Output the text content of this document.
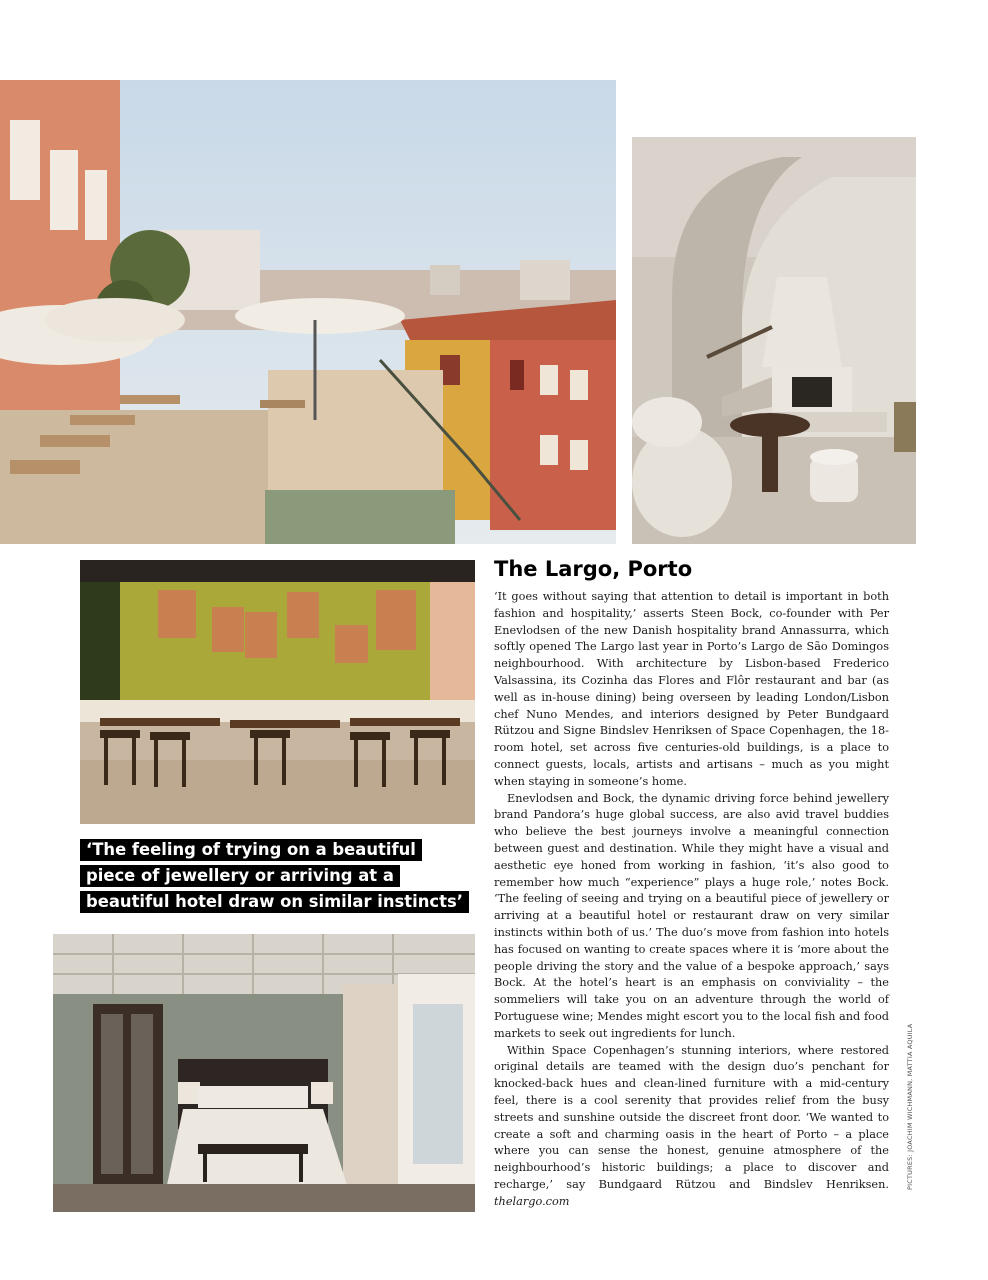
‘The feeling of trying on a beautiful
piece of jewellery or arriving at a
beautiful hotel draw on similar instincts’
The Largo, Porto

‘It goes without saying that attention to detail is important in both fashion and hospitality,’ asserts Steen Bock, co-founder with Per Enevlodsen of the new Danish hospitality brand Annassurra, which softly opened The Largo last year in Porto’s Largo de São Domingos neighbourhood. With architecture by Lisbon-based Frederico Valsassina, its Cozinha das Flores and Flôr restaurant and bar (as well as in-house dining) being overseen by leading London/Lisbon chef Nuno Mendes, and interiors designed by Peter Bundgaard Rützou and Signe Bindslev Henriksen of Space Copenhagen, the 18-room hotel, set across five centuries-old buildings, is a place to connect guests, locals, artists and artisans – much as you might when staying in someone’s home.

Enevlodsen and Bock, the dynamic driving force behind jewellery brand Pandora’s huge global success, are also avid travel buddies who believe the best journeys involve a meaningful connection between guest and destination. While they might have a visual and aesthetic eye honed from working in fashion, ‘it’s also good to remember how much “experience” plays a huge role,’ notes Bock. ‘The feeling of seeing and trying on a beautiful piece of jewellery or arriving at a beautiful hotel or restaurant draw on very similar instincts within both of us.’ The duo’s move from fashion into hotels has focused on wanting to create spaces where it is ‘more about the people driving the story and the value of a bespoke approach,’ says Bock. At the hotel’s heart is an emphasis on conviviality – the sommeliers will take you on an adventure through the world of Portuguese wine; Mendes might escort you to the local fish and food markets to seek out ingredients for lunch.

Within Space Copenhagen’s stunning interiors, where restored original details are teamed with the design duo’s penchant for knocked-back hues and clean-lined furniture with a mid-century feel, there is a cool serenity that provides relief from the busy streets and sunshine outside the discreet front door. ‘We wanted to create a soft and charming oasis in the heart of Porto – a place where you can sense the honest, genuine atmosphere of the neighbourhood’s historic buildings; a place to discover and recharge,’ say Bundgaard Rützou and Bindslev Henriksen. thelargo.com

PICTURES: JOACHIM WICHMANN, MATTIA AQUILA
